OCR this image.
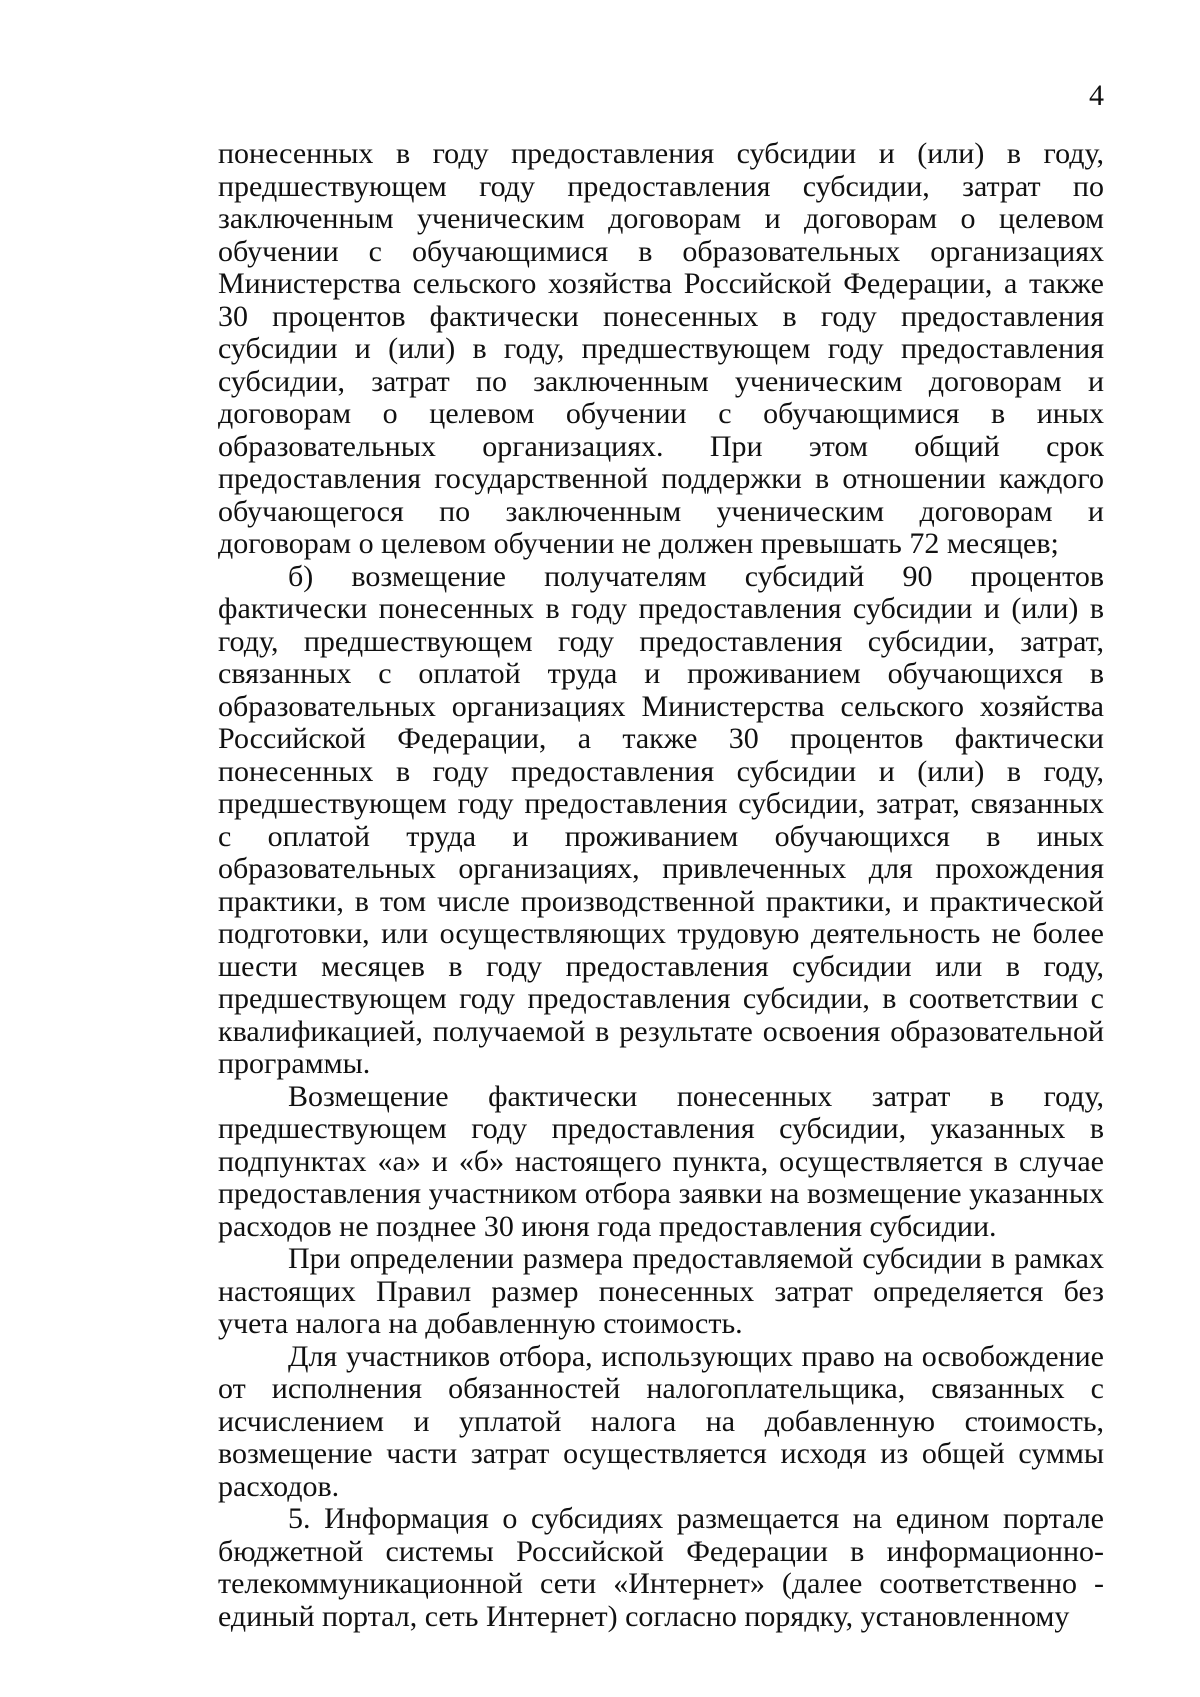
4

понесенных в году предоставления субсидии и (или) в году, предшествующем году предоставления субсидии, затрат по заключенным ученическим договорам и договорам о целевом обучении с обучающимися в образовательных организациях Министерства сельского хозяйства Российской Федерации, а также 30 процентов фактически понесенных в году предоставления субсидии и (или) в году, предшествующем году предоставления субсидии, затрат по заключенным ученическим договорам и договорам о целевом обучении с обучающимися в иных образовательных организациях. При этом общий срок предоставления государственной поддержки в отношении каждого обучающегося по заключенным ученическим договорам и договорам о целевом обучении не должен превышать 72 месяцев;

б) возмещение получателям субсидий 90 процентов фактически понесенных в году предоставления субсидии и (или) в году, предшествующем году предоставления субсидии, затрат, связанных с оплатой труда и проживанием обучающихся в образовательных организациях Министерства сельского хозяйства Российской Федерации, а также 30 процентов фактически понесенных в году предоставления субсидии и (или) в году, предшествующем году предоставления субсидии, затрат, связанных с оплатой труда и проживанием обучающихся в иных образовательных организациях, привлеченных для прохождения практики, в том числе производственной практики, и практической подготовки, или осуществляющих трудовую деятельность не более шести месяцев в году предоставления субсидии или в году, предшествующем году предоставления субсидии, в соответствии с квалификацией, получаемой в результате освоения образовательной программы.

Возмещение фактически понесенных затрат в году, предшествующем году предоставления субсидии, указанных в подпунктах «а» и «б» настоящего пункта, осуществляется в случае предоставления участником отбора заявки на возмещение указанных расходов не позднее 30 июня года предоставления субсидии.

При определении размера предоставляемой субсидии в рамках настоящих Правил размер понесенных затрат определяется без учета налога на добавленную стоимость.

Для участников отбора, использующих право на освобождение от исполнения обязанностей налогоплательщика, связанных с исчислением и уплатой налога на добавленную стоимость, возмещение части затрат осуществляется исходя из общей суммы расходов.

5. Информация о субсидиях размещается на едином портале бюджетной системы Российской Федерации в информационно-телекоммуникационной сети «Интернет» (далее соответственно - единый портал, сеть Интернет) согласно порядку, установленному
